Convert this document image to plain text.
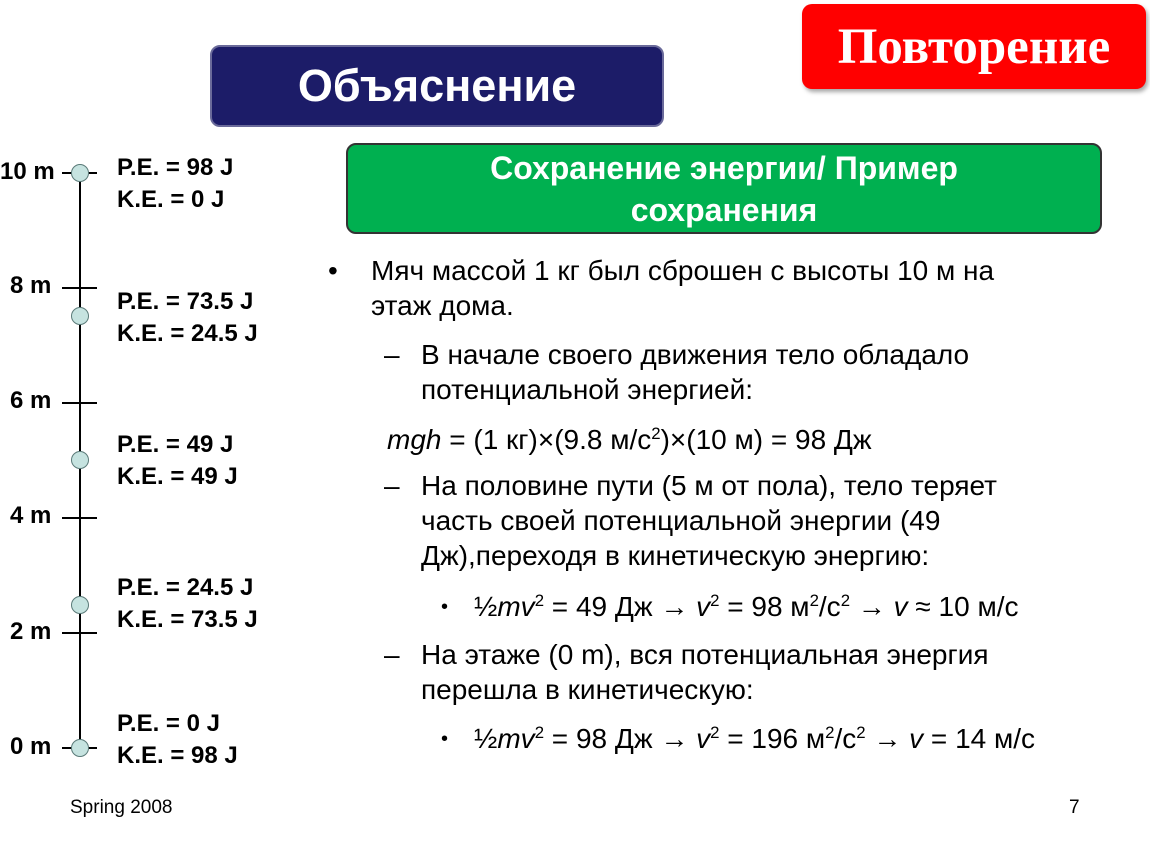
Повторение
Объяснение
Сохранение энергии/ Пример
сохранения
10 m
8 m
6 m
4 m
2 m
0 m
P.E. = 98 J
K.E. = 0 J
P.E. = 73.5 J
K.E. = 24.5 J
P.E. = 49 J
K.E. = 49 J
P.E. = 24.5 J
K.E. = 73.5 J
P.E. = 0 J
K.E. = 98 J
• Мяч массой 1 кг был сброшен с высоты 10 м на
этаж дома.
– В начале своего движения тело обладало
потенциальной энергией:
mgh = (1 кг)×(9.8 $м/с^2)\times(10$ м) = 98 Дж
– На половине пути (5 м от пола), тело теряет
часть своей потенциальной энергии (49
Дж),переходя в кинетическую энергию:
• $\frac{1}{2}mv^2 = 49$ Дж → $v^2 = 98$ $м^2/с^2 \to v \approx 10$ м/с
– На этаже (0 m), вся потенциальная энергия
перешла в кинетическую:
• $\frac{1}{2}mv^2 = 98$ Дж → $v^2 = 196$ $м^2/с^2 \to v = 14$ м/с
Spring 2008	7
